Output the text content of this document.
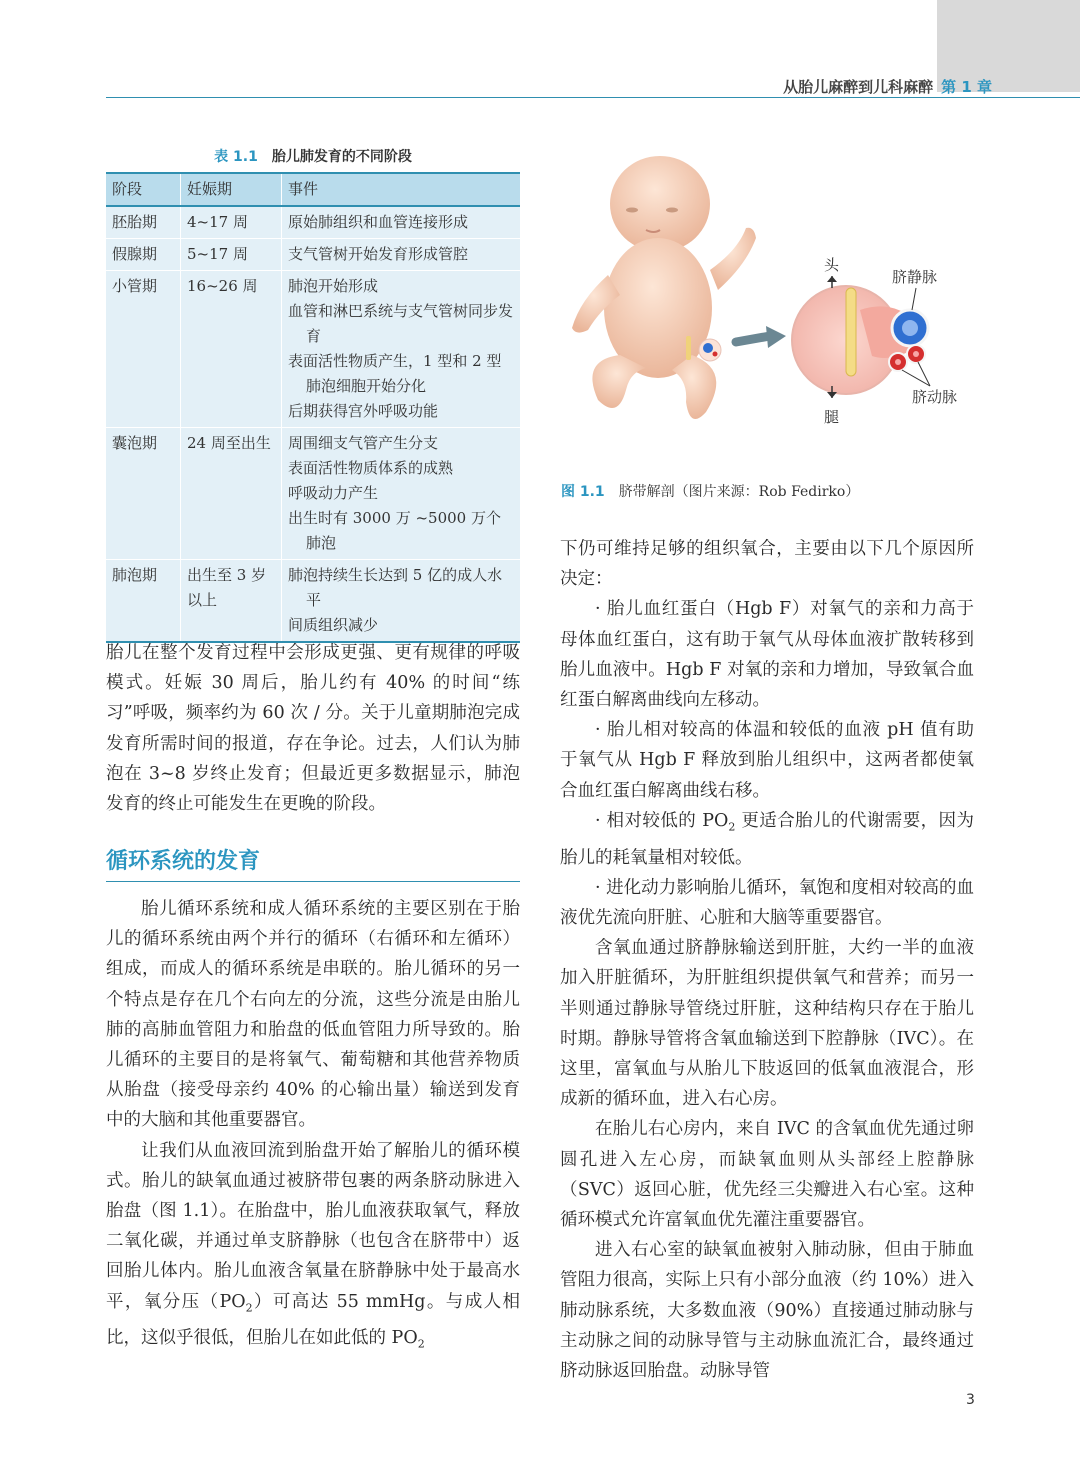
从胎儿麻醉到儿科麻醉 第 1 章
表 1.1 胎儿肺发育的不同阶段
阶段	妊娠期	事件
胚胎期	4~17 周	原始肺组织和血管连接形成

假腺期	5~17 周	支气管树开始发育形成管腔

小管期	16~26 周	肺泡开始形成
血管和淋巴系统与支气管树同步发育
表面活性物质产生，1 型和 2 型肺泡细胞开始分化
后期获得宫外呼吸功能

囊泡期	24 周至出生	周围细支气管产生分支
表面活性物质体系的成熟
呼吸动力产生
出生时有 3000 万 ~5000 万个肺泡

肺泡期	出生至 3 岁以上	肺泡持续生长达到 5 亿的成人水平
间质组织减少

胎儿在整个发育过程中会形成更强、更有规律的呼吸模式。妊娠 30 周后，胎儿约有 40% 的时间“练习”呼吸，频率约为 60 次 / 分。关于儿童期肺泡完成发育所需时间的报道，存在争论。过去，人们认为肺泡在 3~8 岁终止发育；但最近更多数据显示，肺泡发育的终止可能发生在更晚的阶段。

循环系统的发育

胎儿循环系统和成人循环系统的主要区别在于胎儿的循环系统由两个并行的循环（右循环和左循环）组成，而成人的循环系统是串联的。胎儿循环的另一个特点是存在几个右向左的分流，这些分流是由胎儿肺的高肺血管阻力和胎盘的低血管阻力所导致的。胎儿循环的主要目的是将氧气、葡萄糖和其他营养物质从胎盘（接受母亲约 40% 的心输出量）输送到发育中的大脑和其他重要器官。

让我们从血液回流到胎盘开始了解胎儿的循环模式。胎儿的缺氧血通过被脐带包裹的两条脐动脉进入胎盘（图 1.1）。在胎盘中，胎儿血液获取氧气，释放二氧化碳，并通过单支脐静脉（也包含在脐带中）返回胎儿体内。胎儿血液含氧量在脐静脉中处于最高水平，氧分压$(PO_2)$可高达 55 mmHg。与成人相比，这似乎很低，但胎儿在如此低的 $PO_2$

头
腿
脐静脉
脐动脉
图 1.1 脐带解剖（图片来源：Rob Fedirko）

下仍可维持足够的组织氧合，主要由以下几个原因所决定：

· 胎儿血红蛋白（Hgb F）对氧气的亲和力高于母体血红蛋白，这有助于氧气从母体血液扩散转移到胎儿血液中。Hgb F 对氧的亲和力增加，导致氧合血红蛋白解离曲线向左移动。

· 胎儿相对较高的体温和较低的血液 pH 值有助于氧气从 Hgb F 释放到胎儿组织中，这两者都使氧合血红蛋白解离曲线右移。

· 相对较低的 $PO_2$ 更适合胎儿的代谢需要，因为胎儿的耗氧量相对较低。

· 进化动力影响胎儿循环，氧饱和度相对较高的血液优先流向肝脏、心脏和大脑等重要器官。

含氧血通过脐静脉输送到肝脏，大约一半的血液加入肝脏循环，为肝脏组织提供氧气和营养；而另一半则通过静脉导管绕过肝脏，这种结构只存在于胎儿时期。静脉导管将含氧血输送到下腔静脉（IVC）。在这里，富氧血与从胎儿下肢返回的低氧血液混合，形成新的循环血，进入右心房。

在胎儿右心房内，来自 IVC 的含氧血优先通过卵圆孔进入左心房，而缺氧血则从头部经上腔静脉（SVC）返回心脏，优先经三尖瓣进入右心室。这种循环模式允许富氧血优先灌注重要器官。

进入右心室的缺氧血被射入肺动脉，但由于肺血管阻力很高，实际上只有小部分血液（约 10%）进入肺动脉系统，大多数血液（90%）直接通过肺动脉与主动脉之间的动脉导管与主动脉血流汇合，最终通过脐动脉返回胎盘。动脉导管

3
